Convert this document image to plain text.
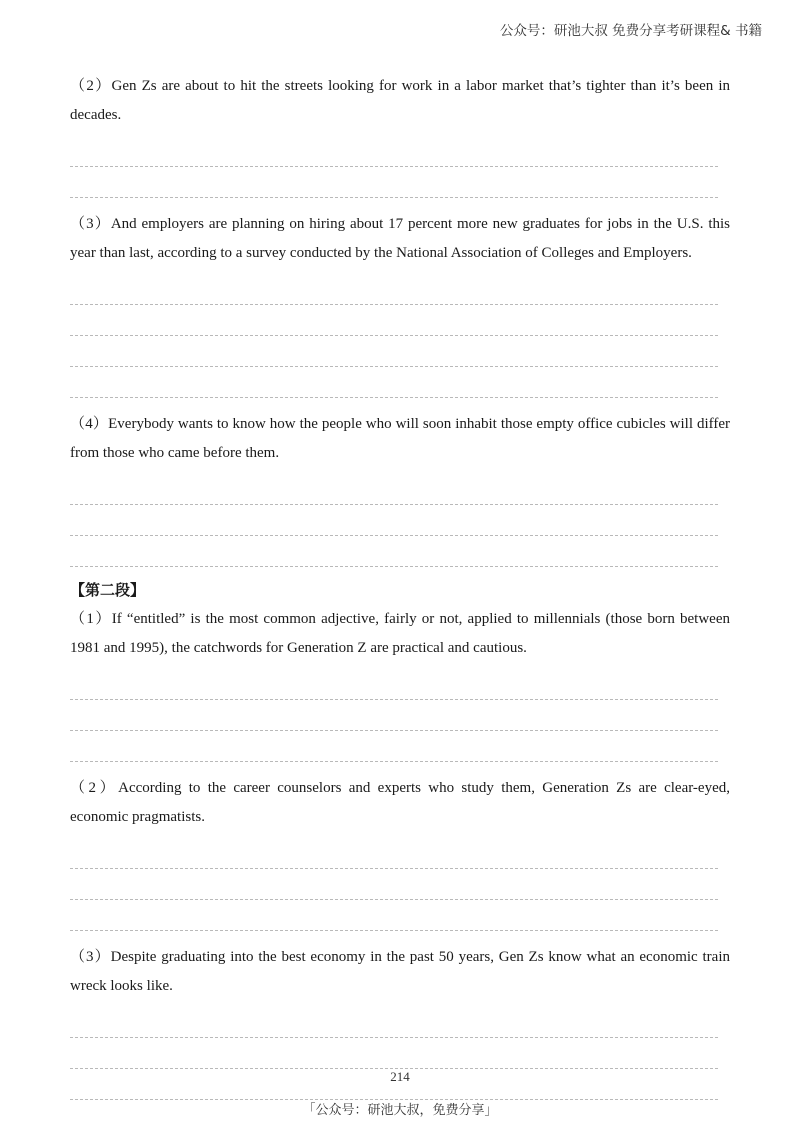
公众号：研池大叔 免费分享考研课程& 书籍

（2）Gen Zs are about to hit the streets looking for work in a labor market that’s tighter than it’s been in decades.

（3）And employers are planning on hiring about 17 percent more new graduates for jobs in the U.S. this year than last, according to a survey conducted by the National Association of Colleges and Employers.

（4）Everybody wants to know how the people who will soon inhabit those empty office cubicles will differ from those who came before them.

【第二段】

（1）If “entitled” is the most common adjective, fairly or not, applied to millennials (those born between 1981 and 1995), the catchwords for Generation Z are practical and cautious.

（2）According to the career counselors and experts who study them, Generation Zs are clear-eyed, economic pragmatists.

（3）Despite graduating into the best economy in the past 50 years, Gen Zs know what an economic train wreck looks like.

214
「公众号：研池大叔，免费分享」
